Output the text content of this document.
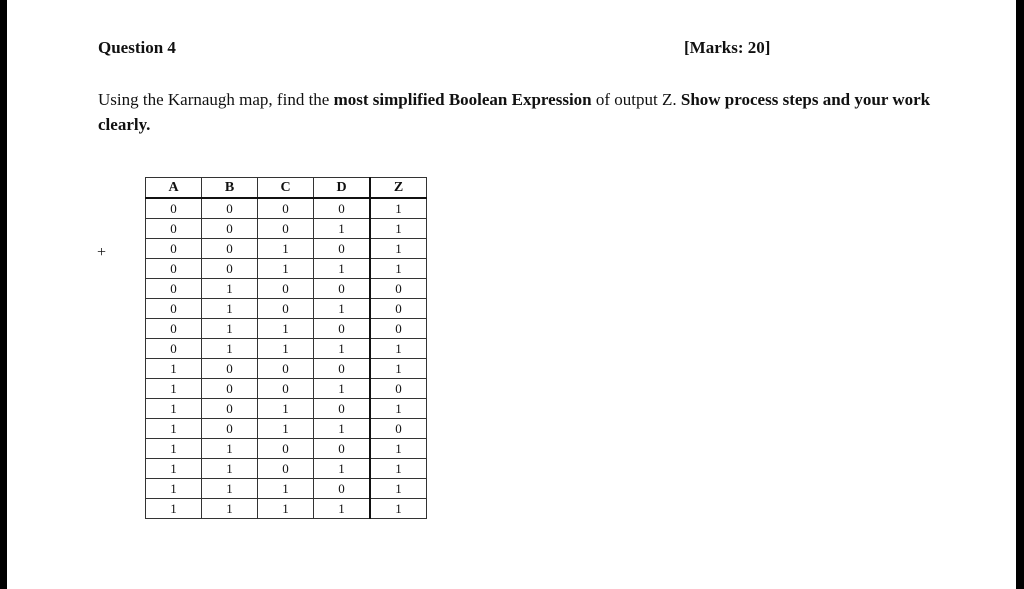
Question 4	[Marks: 20]
Using the Karnaugh map, find the most simplified Boolean Expression of output Z. Show process steps and your work clearly.
+
A	B	C	D	Z
0	0	0	0	1
0	0	0	1	1
0	0	1	0	1
0	0	1	1	1
0	1	0	0	0
0	1	0	1	0
0	1	1	0	0
0	1	1	1	1
1	0	0	0	1
1	0	0	1	0
1	0	1	0	1
1	0	1	1	0
1	1	0	0	1
1	1	0	1	1
1	1	1	0	1
1	1	1	1	1
